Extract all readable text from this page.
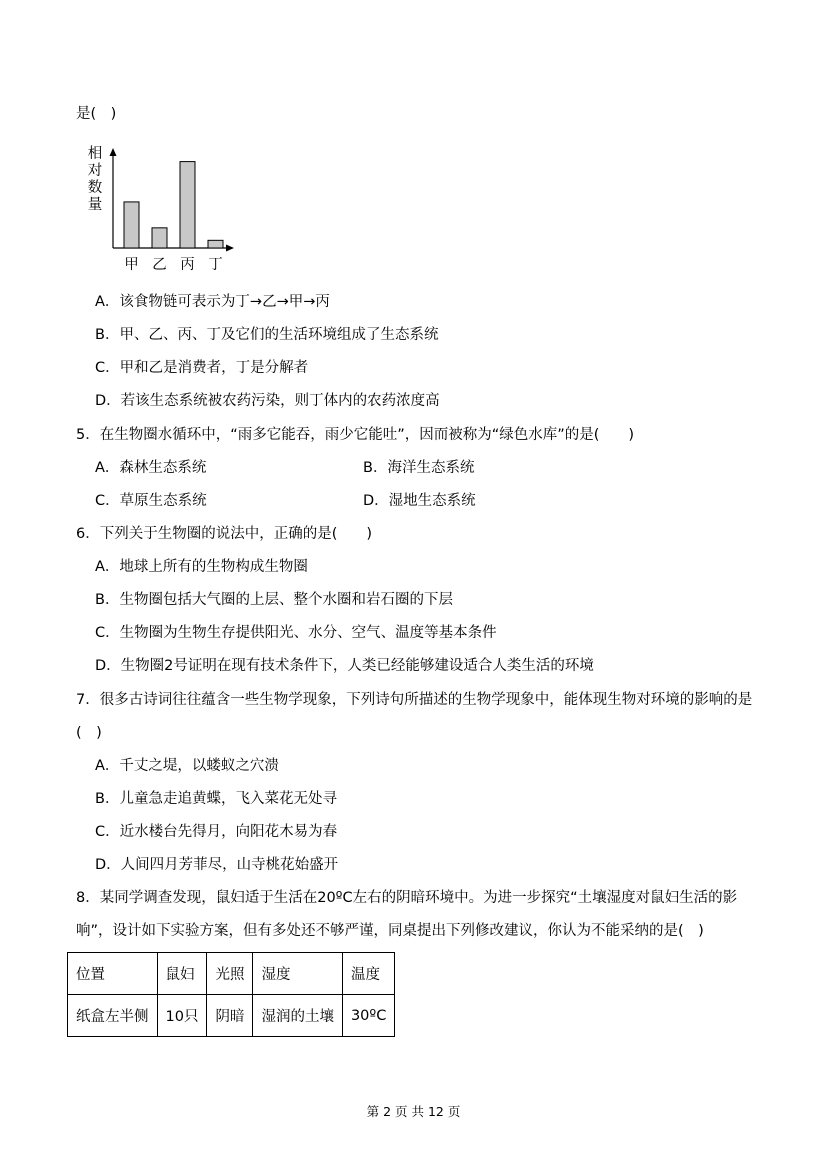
是(　)
相
对
数
量
甲 乙 丙 丁
A．该食物链可表示为丁→乙→甲→丙
B．甲、乙、丙、丁及它们的生活环境组成了生态系统
C．甲和乙是消费者，丁是分解者
D．若该生态系统被农药污染，则丁体内的农药浓度高
5．在生物圈水循环中，“雨多它能吞，雨少它能吐”，因而被称为“绿色水库”的是(　　)
A．森林生态系统	B．海洋生态系统
C．草原生态系统	D．湿地生态系统
6．下列关于生物圈的说法中，正确的是(　　)
A．地球上所有的生物构成生物圈
B．生物圈包括大气圈的上层、整个水圈和岩石圈的下层
C．生物圈为生物生存提供阳光、水分、空气、温度等基本条件
D．生物圈2号证明在现有技术条件下，人类已经能够建设适合人类生活的环境
7．很多古诗词往往蕴含一些生物学现象，下列诗句所描述的生物学现象中，能体现生物对环境的影响的是
(　)
A．千丈之堤，以蝼蚁之穴溃
B．儿童急走追黄蝶，飞入菜花无处寻
C．近水楼台先得月，向阳花木易为春
D．人间四月芳菲尽，山寺桃花始盛开
8．某同学调查发现，鼠妇适于生活在20ºC左右的阴暗环境中。为进一步探究“土壤湿度对鼠妇生活的影
响”，设计如下实验方案，但有多处还不够严谨，同桌提出下列修改建议，你认为不能采纳的是(　)
位置	鼠妇	光照	湿度	温度
纸盒左半侧	10只	阴暗	湿润的土壤	30ºC
第 2 页 共 12 页
